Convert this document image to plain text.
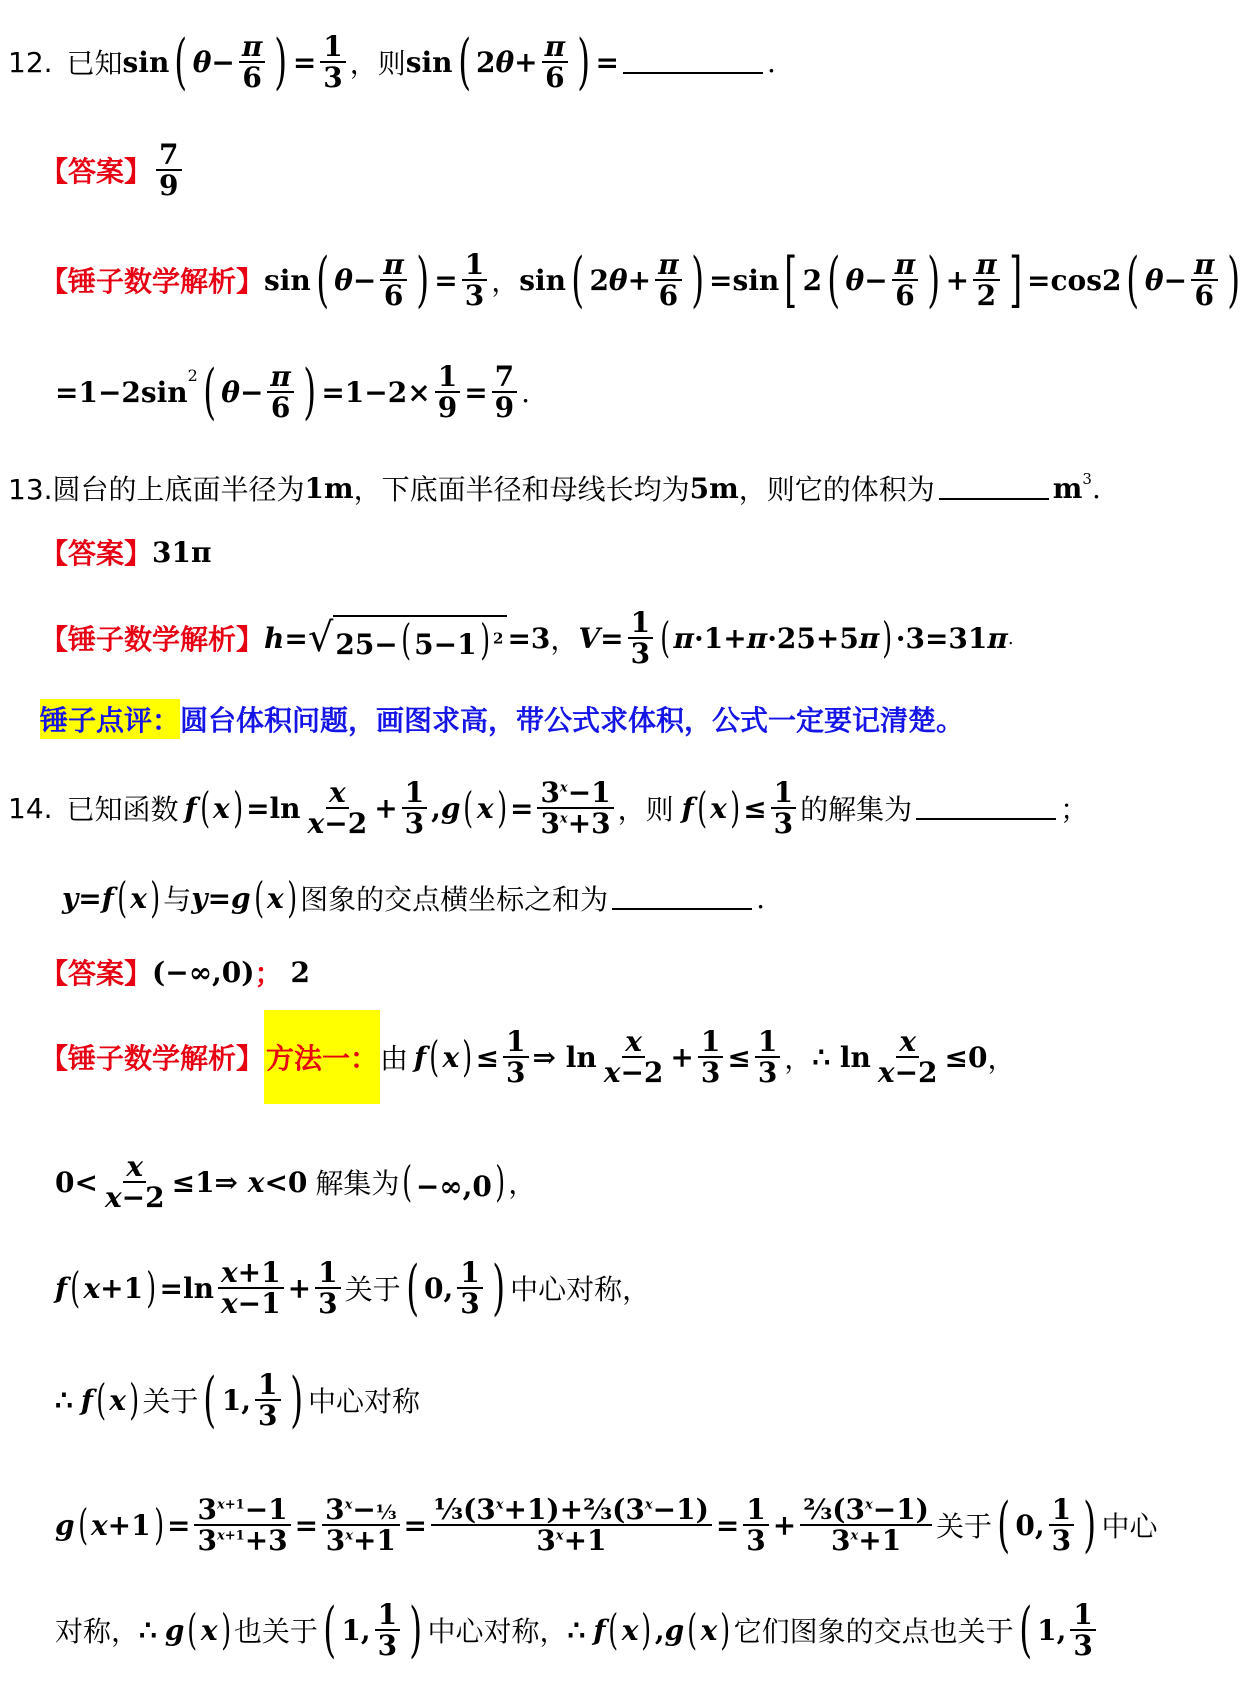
12. 已知 sin ( $\theta - \frac{\pi}{6}$ ) = $\frac{1}{3}$ ，则 sin ( 2 $\theta + \frac{\pi}{6}$ ) =	.
【答案】 $\frac{7}{9}$
【锤子数学解析】 sin ( $\theta - \frac{\pi}{6}$ ) = $\frac{1}{3}$ ， sin ( 2 $\theta + \frac{\pi}{6}$ ) =sin [ 2 ( $\theta - \frac{\pi}{6}$ ) + $\frac{\pi}{2}$ ] =cos 2 ( $\theta - \frac{\pi}{6}$ )
$=1-2\sin^2$ ( $\theta - \frac{\pi}{6}$ ) $=1-2\times \frac{1}{9} = \frac{7}{9}$ .
13.圆台的上底面半径为 1m ，下底面半径和母线长均为 5m ，则它的体积为	$m^3$ .
【答案】 31π
【锤子数学解析】 h = √ 25−( 5−1) $^2$ =3 ， $V = \frac{1}{3}$ ( π·1+π·25+5π ) ·3=31π .
锤子点评： 圆台体积问题，画图求高，带公式求体积，公式一定要记清楚。
14. 已知函数 f ( x ) $=\ln \frac{x}{x-2} + \frac{1}{3}$ , g ( x ) = $\frac{3^x-1}{3^x+3}$ ，则 f ( x ) ≤ $\frac{1}{3}$ 的解集为	；
y = f ( x ) 与 y = g ( x ) 图象的交点横坐标之和为	.
【答案】 (−∞,0) ； 2
【锤子数学解析】 方法一： 由 f ( x ) ≤ $\frac{1}{3}$ ⇒ $\ln \frac{x}{x-2} + \frac{1}{3} \le \frac{1}{3}$ ， ∴ $\ln \frac{x}{x-2} \le 0$ ，
$0< \frac{x}{x-2}$ ≤1⇒ x<0 解集为 ( −∞,0) ，
f ( x+1 ) $=\ln \frac{x+1}{x-1} + \frac{1}{3}$ 关于 ( 0, $\frac{1}{3}$ ) 中心对称，
∴ f ( x ) 关于 ( 1, $\frac{1}{3}$ ) 中心对称
g ( x+1 ) = $\frac{3^{x+1}-1}{3^{x+1}+3} = \frac{3^x-\frac{1}{3}}{3^x+1} = \frac{\frac{1}{3}(3^x+1)+\frac{2}{3}(3^x-1)}{3^x+1} = \frac{1}{3} + \frac{\frac{2}{3}(3^x-1)}{3^x+1}$ 关于 ( 0, $\frac{1}{3}$ ) 中心
对称， ∴ g ( x ) 也关于 ( 1, $\frac{1}{3}$ ) 中心对称， ∴ f ( x ) , g ( x ) 它们图象的交点也关于 ( 1, $\frac{1}{3}$
